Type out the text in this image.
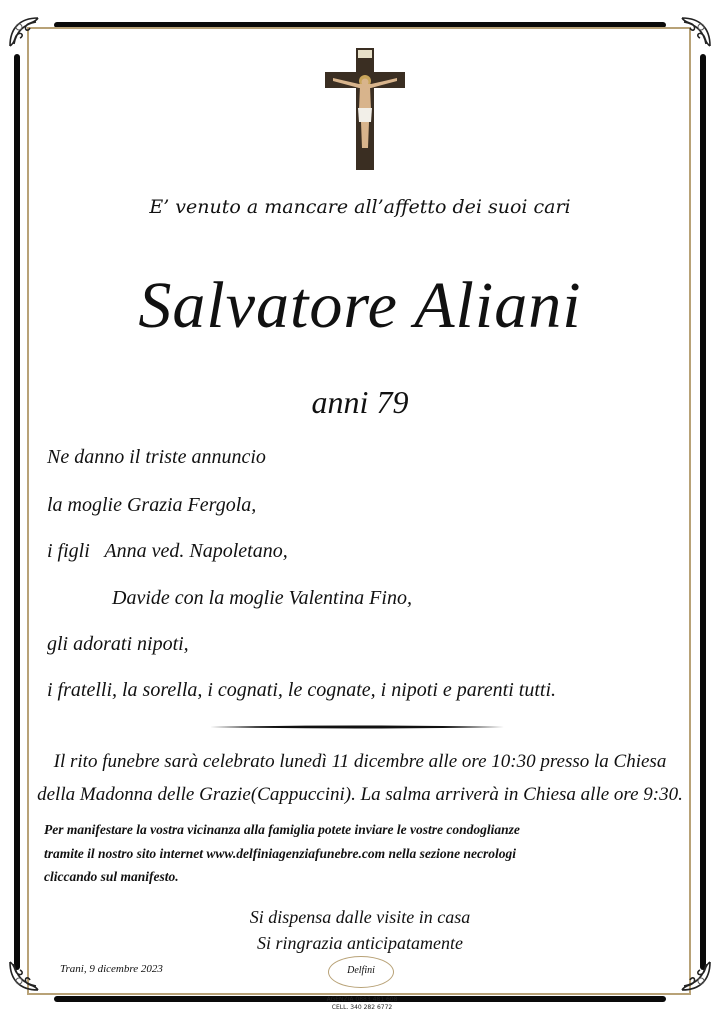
E’ venuto a mancare all’affetto dei suoi cari
Salvatore Aliani
anni 79
Ne danno il triste annuncio
la moglie Grazia Fergola,
i figli   Anna ved. Napoletano,
Davide con la moglie Valentina Fino,
gli adorati nipoti,
i fratelli, la sorella, i cognati, le cognate, i nipoti e parenti tutti.
Il rito funebre sarà celebrato lunedì 11 dicembre alle ore 10:30 presso la Chiesa
della Madonna delle Grazie(Cappuccini). La salma arriverà in Chiesa alle ore 9:30.
Per manifestare la vostra vicinanza alla famiglia potete inviare le vostre condoglianze
tramite il nostro sito internet www.delfiniagenziafunebre.com nella sezione necrologi
cliccando sul manifesto.
Si dispensa dalle visite in casa
Si ringrazia anticipatamente
Trani, 9 dicembre 2023	Delfini
AGENZIA 0883 481 608
CELL. 340 282 6772
